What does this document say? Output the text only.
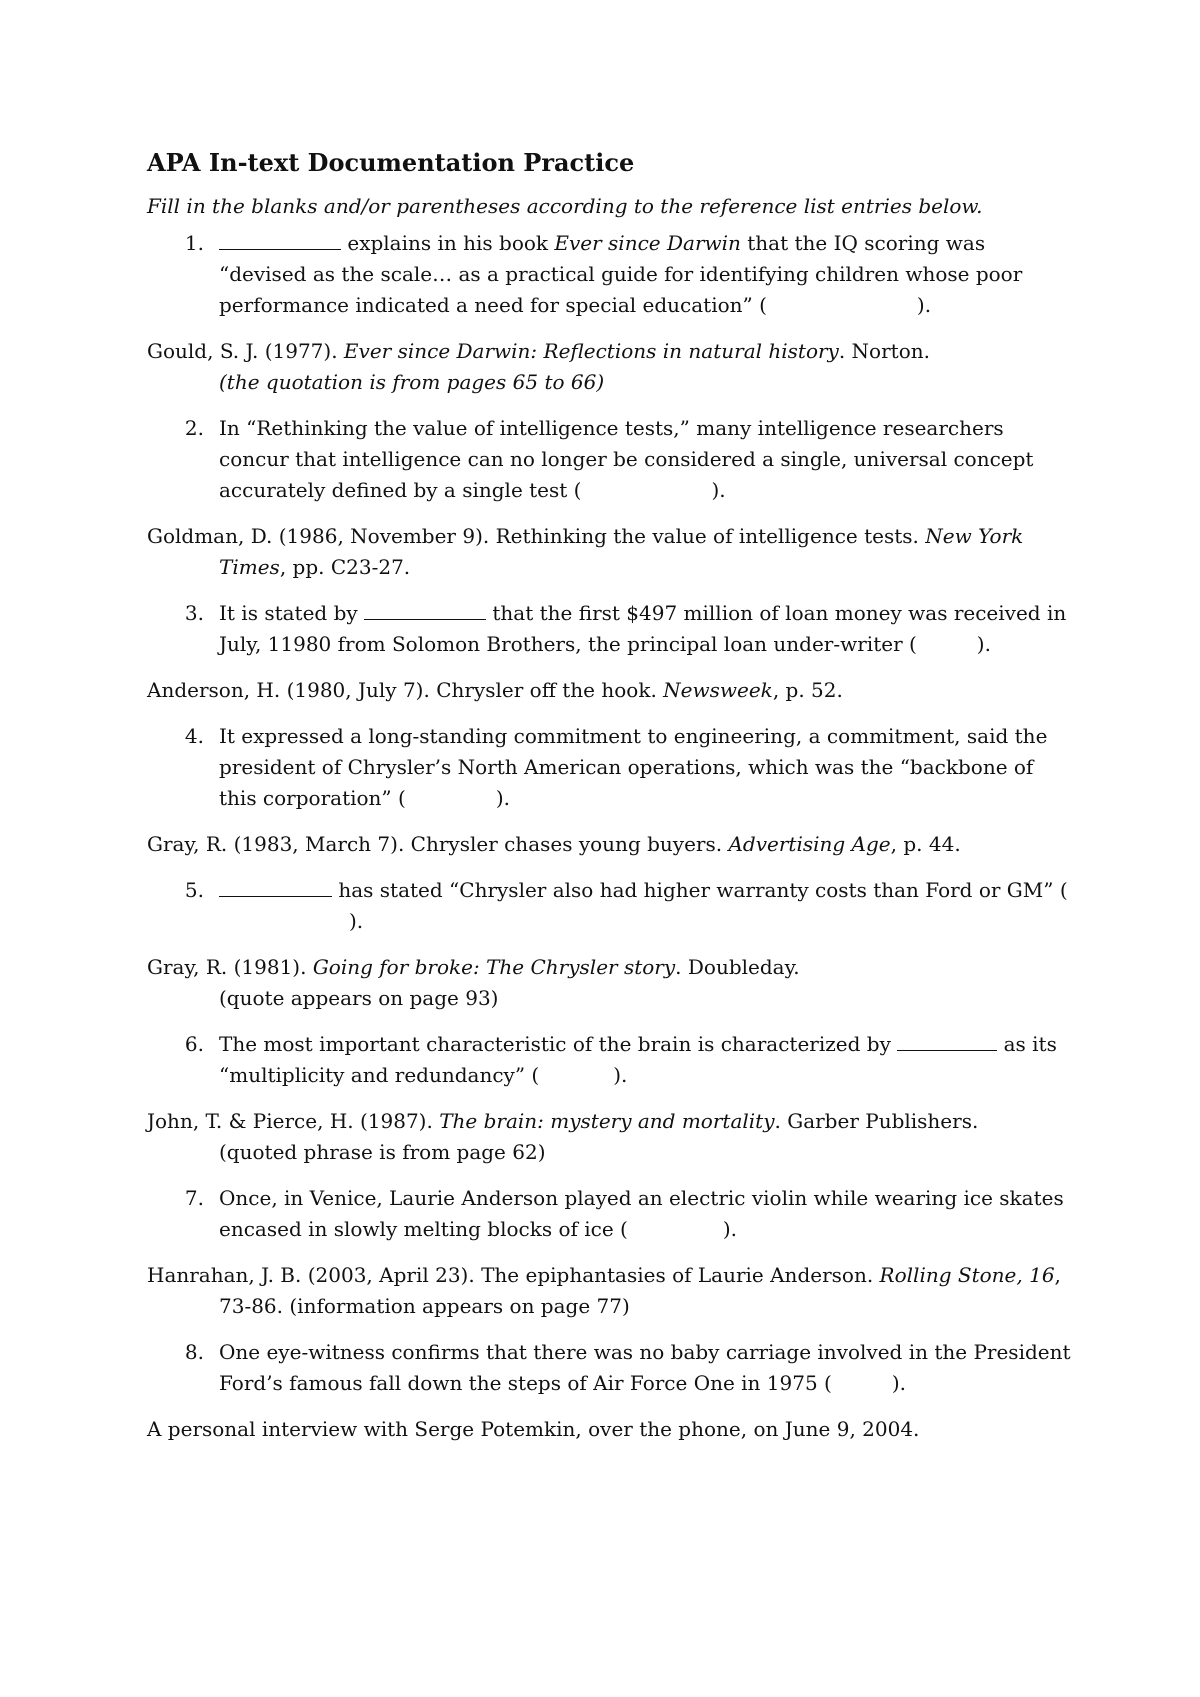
APA In-text Documentation Practice
Fill in the blanks and/or parentheses according to the reference list entries below.
1.	explains in his book Ever since Darwin that the IQ scoring was “devised as the scale… as a practical guide for identifying children whose poor performance indicated a need for special education” (	).
Gould, S. J. (1977). Ever since Darwin: Reflections in natural history. Norton.
(the quotation is from pages 65 to 66)
2. In “Rethinking the value of intelligence tests,” many intelligence researchers concur that intelligence can no longer be considered a single, universal concept accurately defined by a single test (	).
Goldman, D. (1986, November 9). Rethinking the value of intelligence tests. New York Times, pp. C23-27.
3. It is stated by	that the first $497 million of loan money was received in July, 11980 from Solomon Brothers, the principal loan under-writer (	).
Anderson, H. (1980, July 7). Chrysler off the hook. Newsweek, p. 52.
4. It expressed a long-standing commitment to engineering, a commitment, said the president of Chrysler’s North American operations, which was the “backbone of this corporation” (	).
Gray, R. (1983, March 7). Chrysler chases young buyers. Advertising Age, p. 44.
5.	has stated “Chrysler also had higher warranty costs than Ford or GM” ().
Gray, R. (1981). Going for broke: The Chrysler story. Doubleday.
(quote appears on page 93)
6. The most important characteristic of the brain is characterized by	as its “multiplicity and redundancy” (	).
John, T. & Pierce, H. (1987). The brain: mystery and mortality. Garber Publishers.
(quoted phrase is from page 62)
7. Once, in Venice, Laurie Anderson played an electric violin while wearing ice skates encased in slowly melting blocks of ice (	).
Hanrahan, J. B. (2003, April 23). The epiphantasies of Laurie Anderson. Rolling Stone, 16, 73-86. (information appears on page 77)
8. One eye-witness confirms that there was no baby carriage involved in the President Ford’s famous fall down the steps of Air Force One in 1975 (	).
A personal interview with Serge Potemkin, over the phone, on June 9, 2004.
